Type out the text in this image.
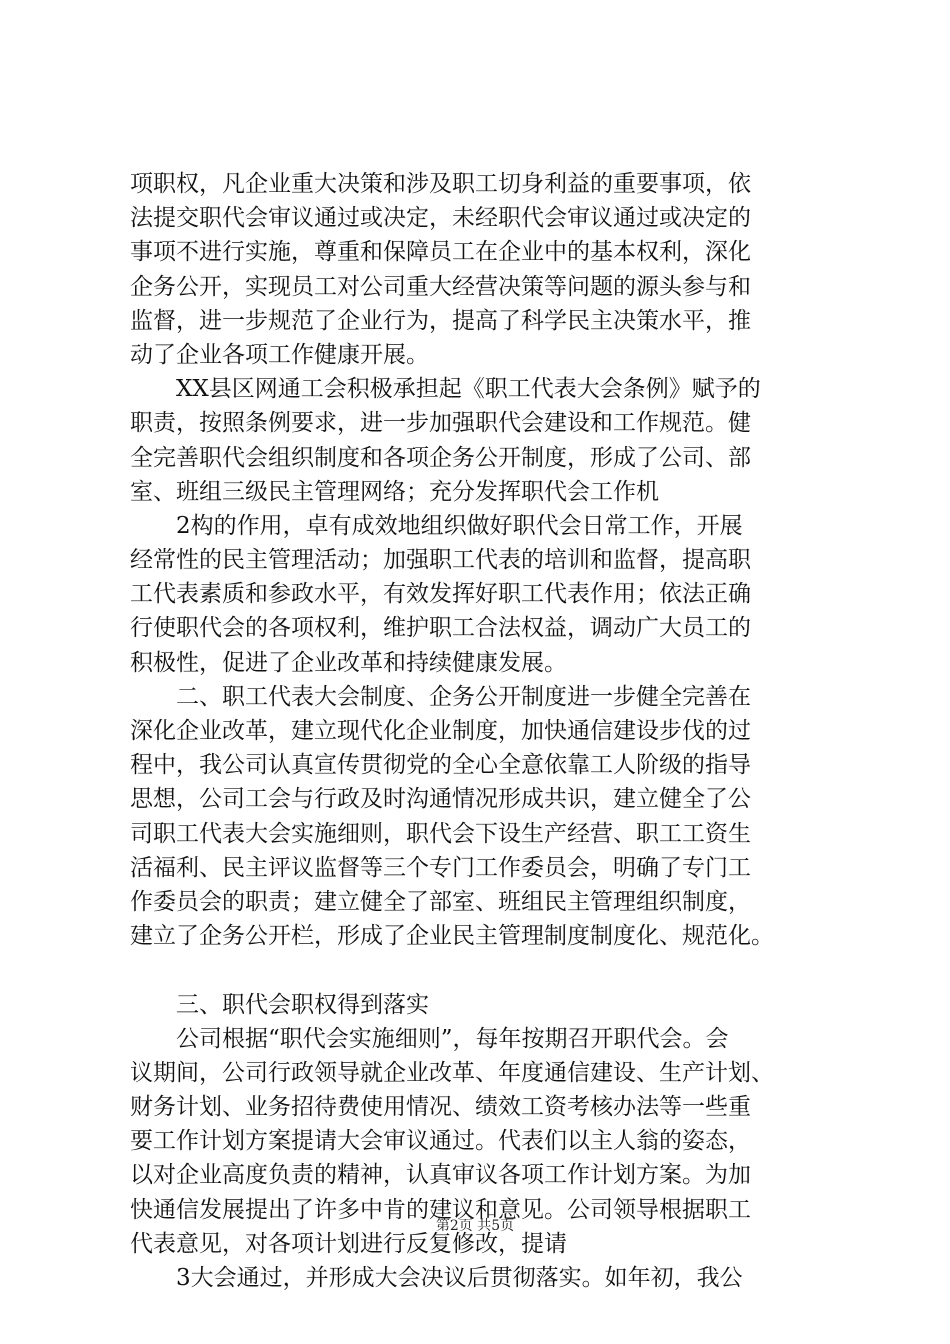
项职权，凡企业重大决策和涉及职工切身利益的重要事项，依
法提交职代会审议通过或决定，未经职代会审议通过或决定的
事项不进行实施，尊重和保障员工在企业中的基本权利，深化
企务公开，实现员工对公司重大经营决策等问题的源头参与和
监督，进一步规范了企业行为，提高了科学民主决策水平，推
动了企业各项工作健康开展。
XX县区网通工会积极承担起《职工代表大会条例》赋予的
职责，按照条例要求，进一步加强职代会建设和工作规范。健
全完善职代会组织制度和各项企务公开制度，形成了公司、部
室、班组三级民主管理网络；充分发挥职代会工作机
2构的作用，卓有成效地组织做好职代会日常工作，开展
经常性的民主管理活动；加强职工代表的培训和监督，提高职
工代表素质和参政水平，有效发挥好职工代表作用；依法正确
行使职代会的各项权利，维护职工合法权益，调动广大员工的
积极性，促进了企业改革和持续健康发展。
二、职工代表大会制度、企务公开制度进一步健全完善在
深化企业改革，建立现代化企业制度，加快通信建设步伐的过
程中，我公司认真宣传贯彻党的全心全意依靠工人阶级的指导
思想，公司工会与行政及时沟通情况形成共识，建立健全了公
司职工代表大会实施细则，职代会下设生产经营、职工工资生
活福利、民主评议监督等三个专门工作委员会，明确了专门工
作委员会的职责；建立健全了部室、班组民主管理组织制度，
建立了企务公开栏，形成了企业民主管理制度制度化、规范化。
三、职代会职权得到落实
公司根据“职代会实施细则”，每年按期召开职代会。会
议期间，公司行政领导就企业改革、年度通信建设、生产计划、
财务计划、业务招待费使用情况、绩效工资考核办法等一些重
要工作计划方案提请大会审议通过。代表们以主人翁的姿态，
以对企业高度负责的精神，认真审议各项工作计划方案。为加
快通信发展提出了许多中肯的建议和意见。公司领导根据职工
代表意见，对各项计划进行反复修改，提请
3大会通过，并形成大会决议后贯彻落实。如年初，我公
第2页 共5页
